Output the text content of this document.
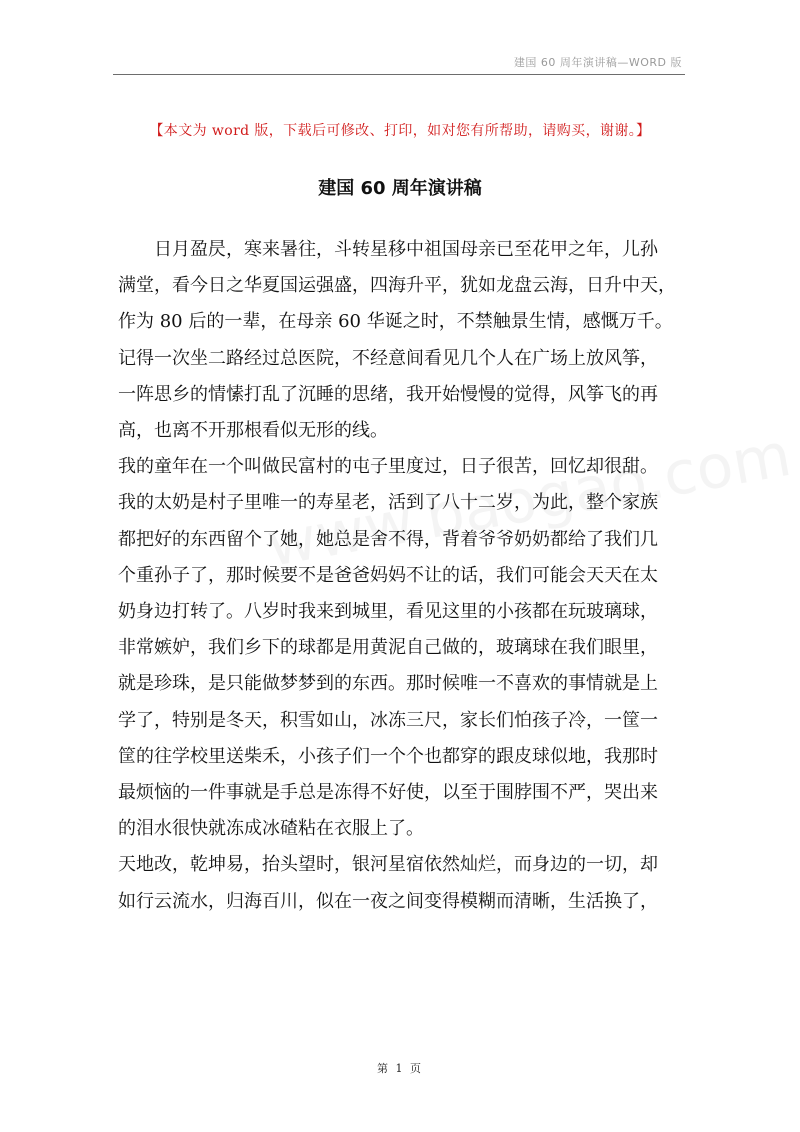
建国 60 周年演讲稿—WORD 版
【本文为 word 版，下载后可修改、打印，如对您有所帮助，请购买，谢谢。】
建国 60 周年演讲稿

　　日月盈昃，寒来暑往，斗转星移中祖国母亲已至花甲之年，儿孙

满堂，看今日之华夏国运强盛，四海升平，犹如龙盘云海，日升中天，

作为 80 后的一辈，在母亲 60 华诞之时，不禁触景生情，感慨万千。

记得一次坐二路经过总医院，不经意间看见几个人在广场上放风筝，

一阵思乡的情愫打乱了沉睡的思绪，我开始慢慢的觉得，风筝飞的再

高，也离不开那根看似无形的线。

我的童年在一个叫做民富村的屯子里度过，日子很苦，回忆却很甜。

我的太奶是村子里唯一的寿星老，活到了八十二岁，为此，整个家族

都把好的东西留个了她，她总是舍不得，背着爷爷奶奶都给了我们几

个重孙子了，那时候要不是爸爸妈妈不让的话，我们可能会天天在太

奶身边打转了。八岁时我来到城里，看见这里的小孩都在玩玻璃球，

非常嫉妒，我们乡下的球都是用黄泥自己做的，玻璃球在我们眼里，

就是珍珠，是只能做梦梦到的东西。那时候唯一不喜欢的事情就是上

学了，特别是冬天，积雪如山，冰冻三尺，家长们怕孩子冷，一筐一

筐的往学校里送柴禾，小孩子们一个个也都穿的跟皮球似地，我那时

最烦恼的一件事就是手总是冻得不好使，以至于围脖围不严，哭出来

的泪水很快就冻成冰碴粘在衣服上了。

天地改，乾坤易，抬头望时，银河星宿依然灿烂，而身边的一切，却

如行云流水，归海百川，似在一夜之间变得模糊而清晰，生活换了，

第 1 页
